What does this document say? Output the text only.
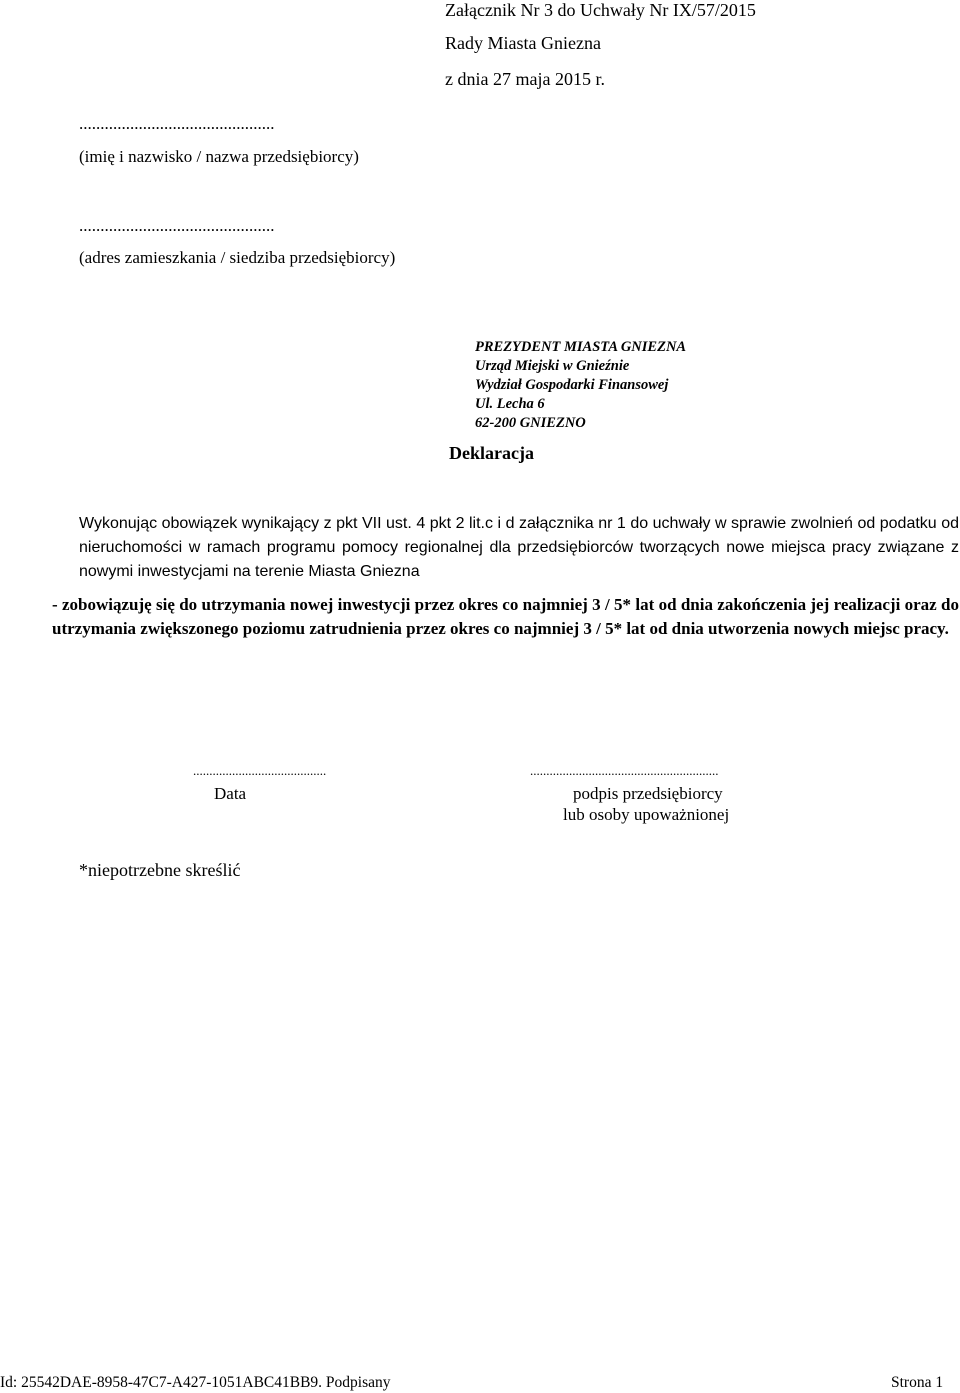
Załącznik Nr 3 do Uchwały Nr IX/57/2015
Rady Miasta Gniezna
z dnia 27 maja 2015 r.
..............................................
(imię i nazwisko / nazwa przedsiębiorcy)
..............................................
(adres zamieszkania / siedziba przedsiębiorcy)
PREZYDENT MIASTA GNIEZNA
Urząd Miejski w Gnieźnie
Wydział Gospodarki Finansowej
Ul. Lecha 6
62-200 GNIEZNO
Deklaracja
Wykonując obowiązek wynikający z pkt VII ust. 4 pkt 2 lit.c i d załącznika nr 1 do uchwały w sprawie zwolnień od podatku od nieruchomości w ramach programu pomocy regionalnej dla przedsiębiorców tworzących nowe miejsca pracy związane z nowymi inwestycjami na terenie Miasta Gniezna
- zobowiązuję się do utrzymania nowej inwestycji przez okres co najmniej 3 / 5* lat od dnia zakończenia jej realizacji oraz do utrzymania zwiększonego poziomu zatrudnienia przez okres co najmniej 3 / 5* lat od dnia utworzenia nowych miejsc pracy.
.........................................
Data
..........................................................
podpis przedsiębiorcy
lub osoby upoważnionej
*niepotrzebne skreślić
Id: 25542DAE-8958-47C7-A427-1051ABC41BB9. Podpisany	Strona 1
